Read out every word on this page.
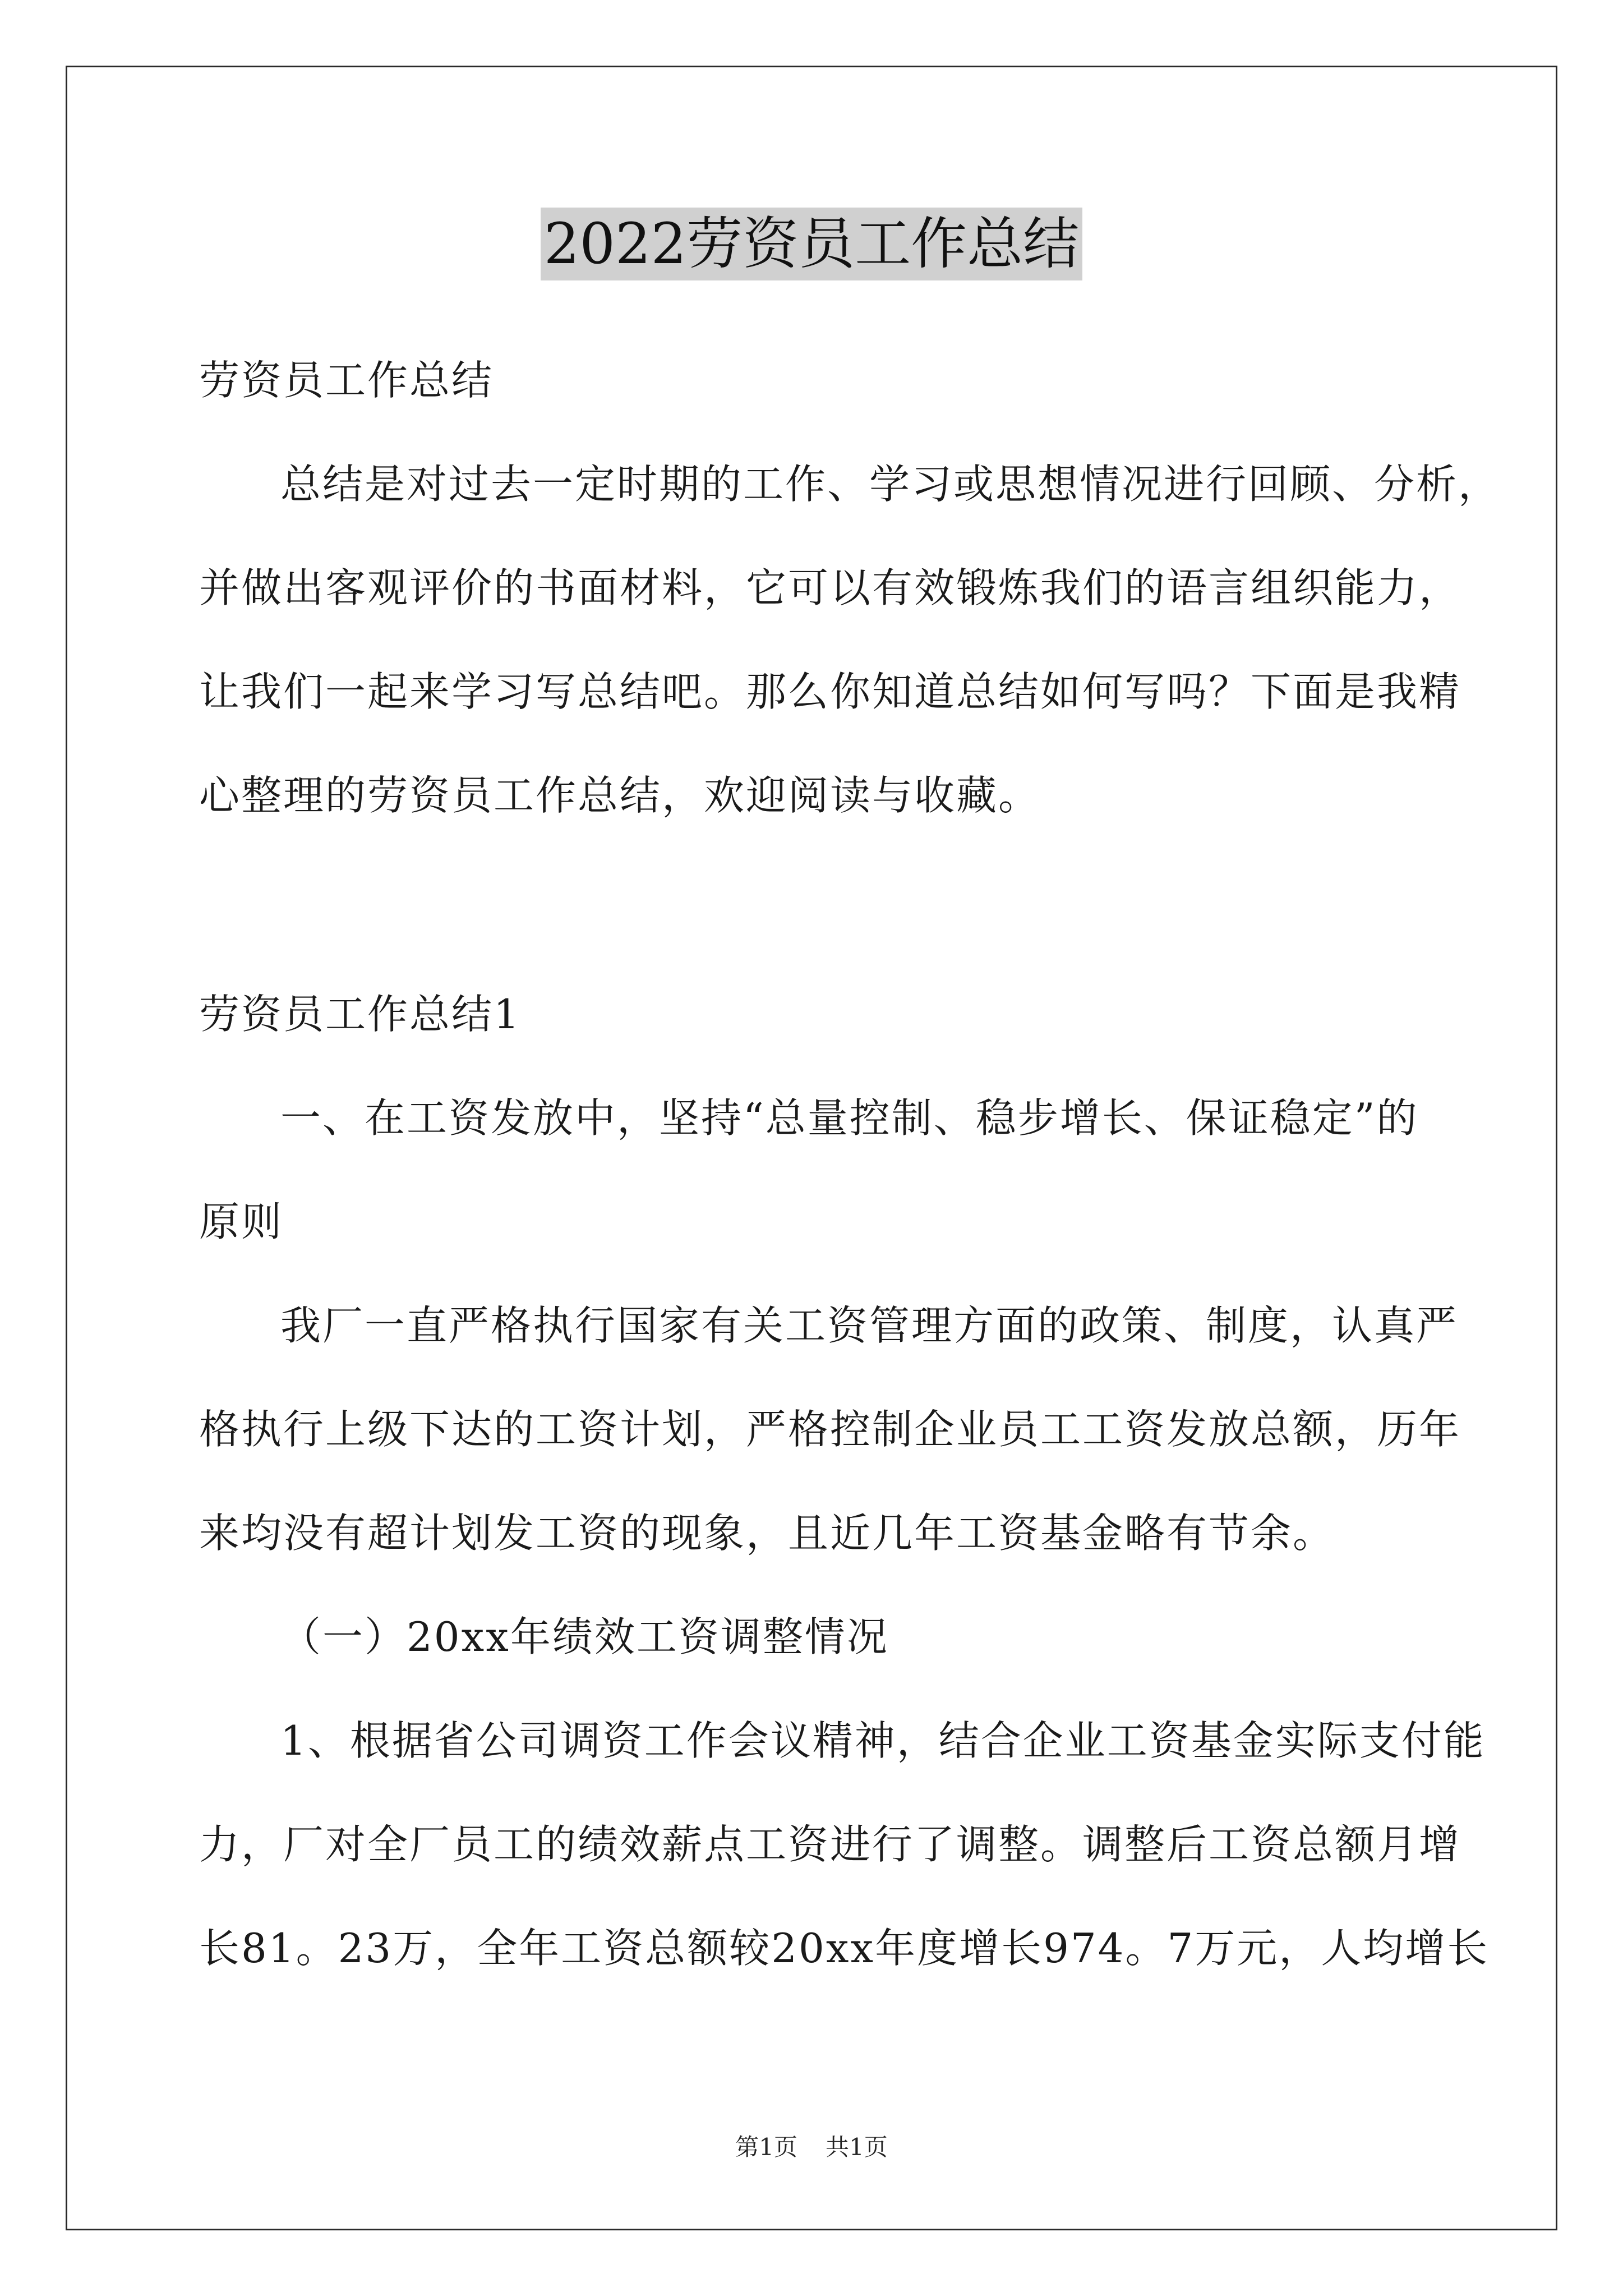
2022劳资员工作总结
劳资员工作总结
总结是对过去一定时期的工作、学习或思想情况进行回顾、分析，
并做出客观评价的书面材料，它可以有效锻炼我们的语言组织能力，
让我们一起来学习写总结吧。那么你知道总结如何写吗？下面是我精
心整理的劳资员工作总结，欢迎阅读与收藏。
劳资员工作总结1
一、在工资发放中，坚持“总量控制、稳步增长、保证稳定”的
原则
我厂一直严格执行国家有关工资管理方面的政策、制度，认真严
格执行上级下达的工资计划，严格控制企业员工工资发放总额，历年
来均没有超计划发工资的现象，且近几年工资基金略有节余。
（一）20xx年绩效工资调整情况
1、根据省公司调资工作会议精神，结合企业工资基金实际支付能
力，厂对全厂员工的绩效薪点工资进行了调整。调整后工资总额月增
长81。23万，全年工资总额较20xx年度增长974。7万元，人均增长
第1页 共1页
